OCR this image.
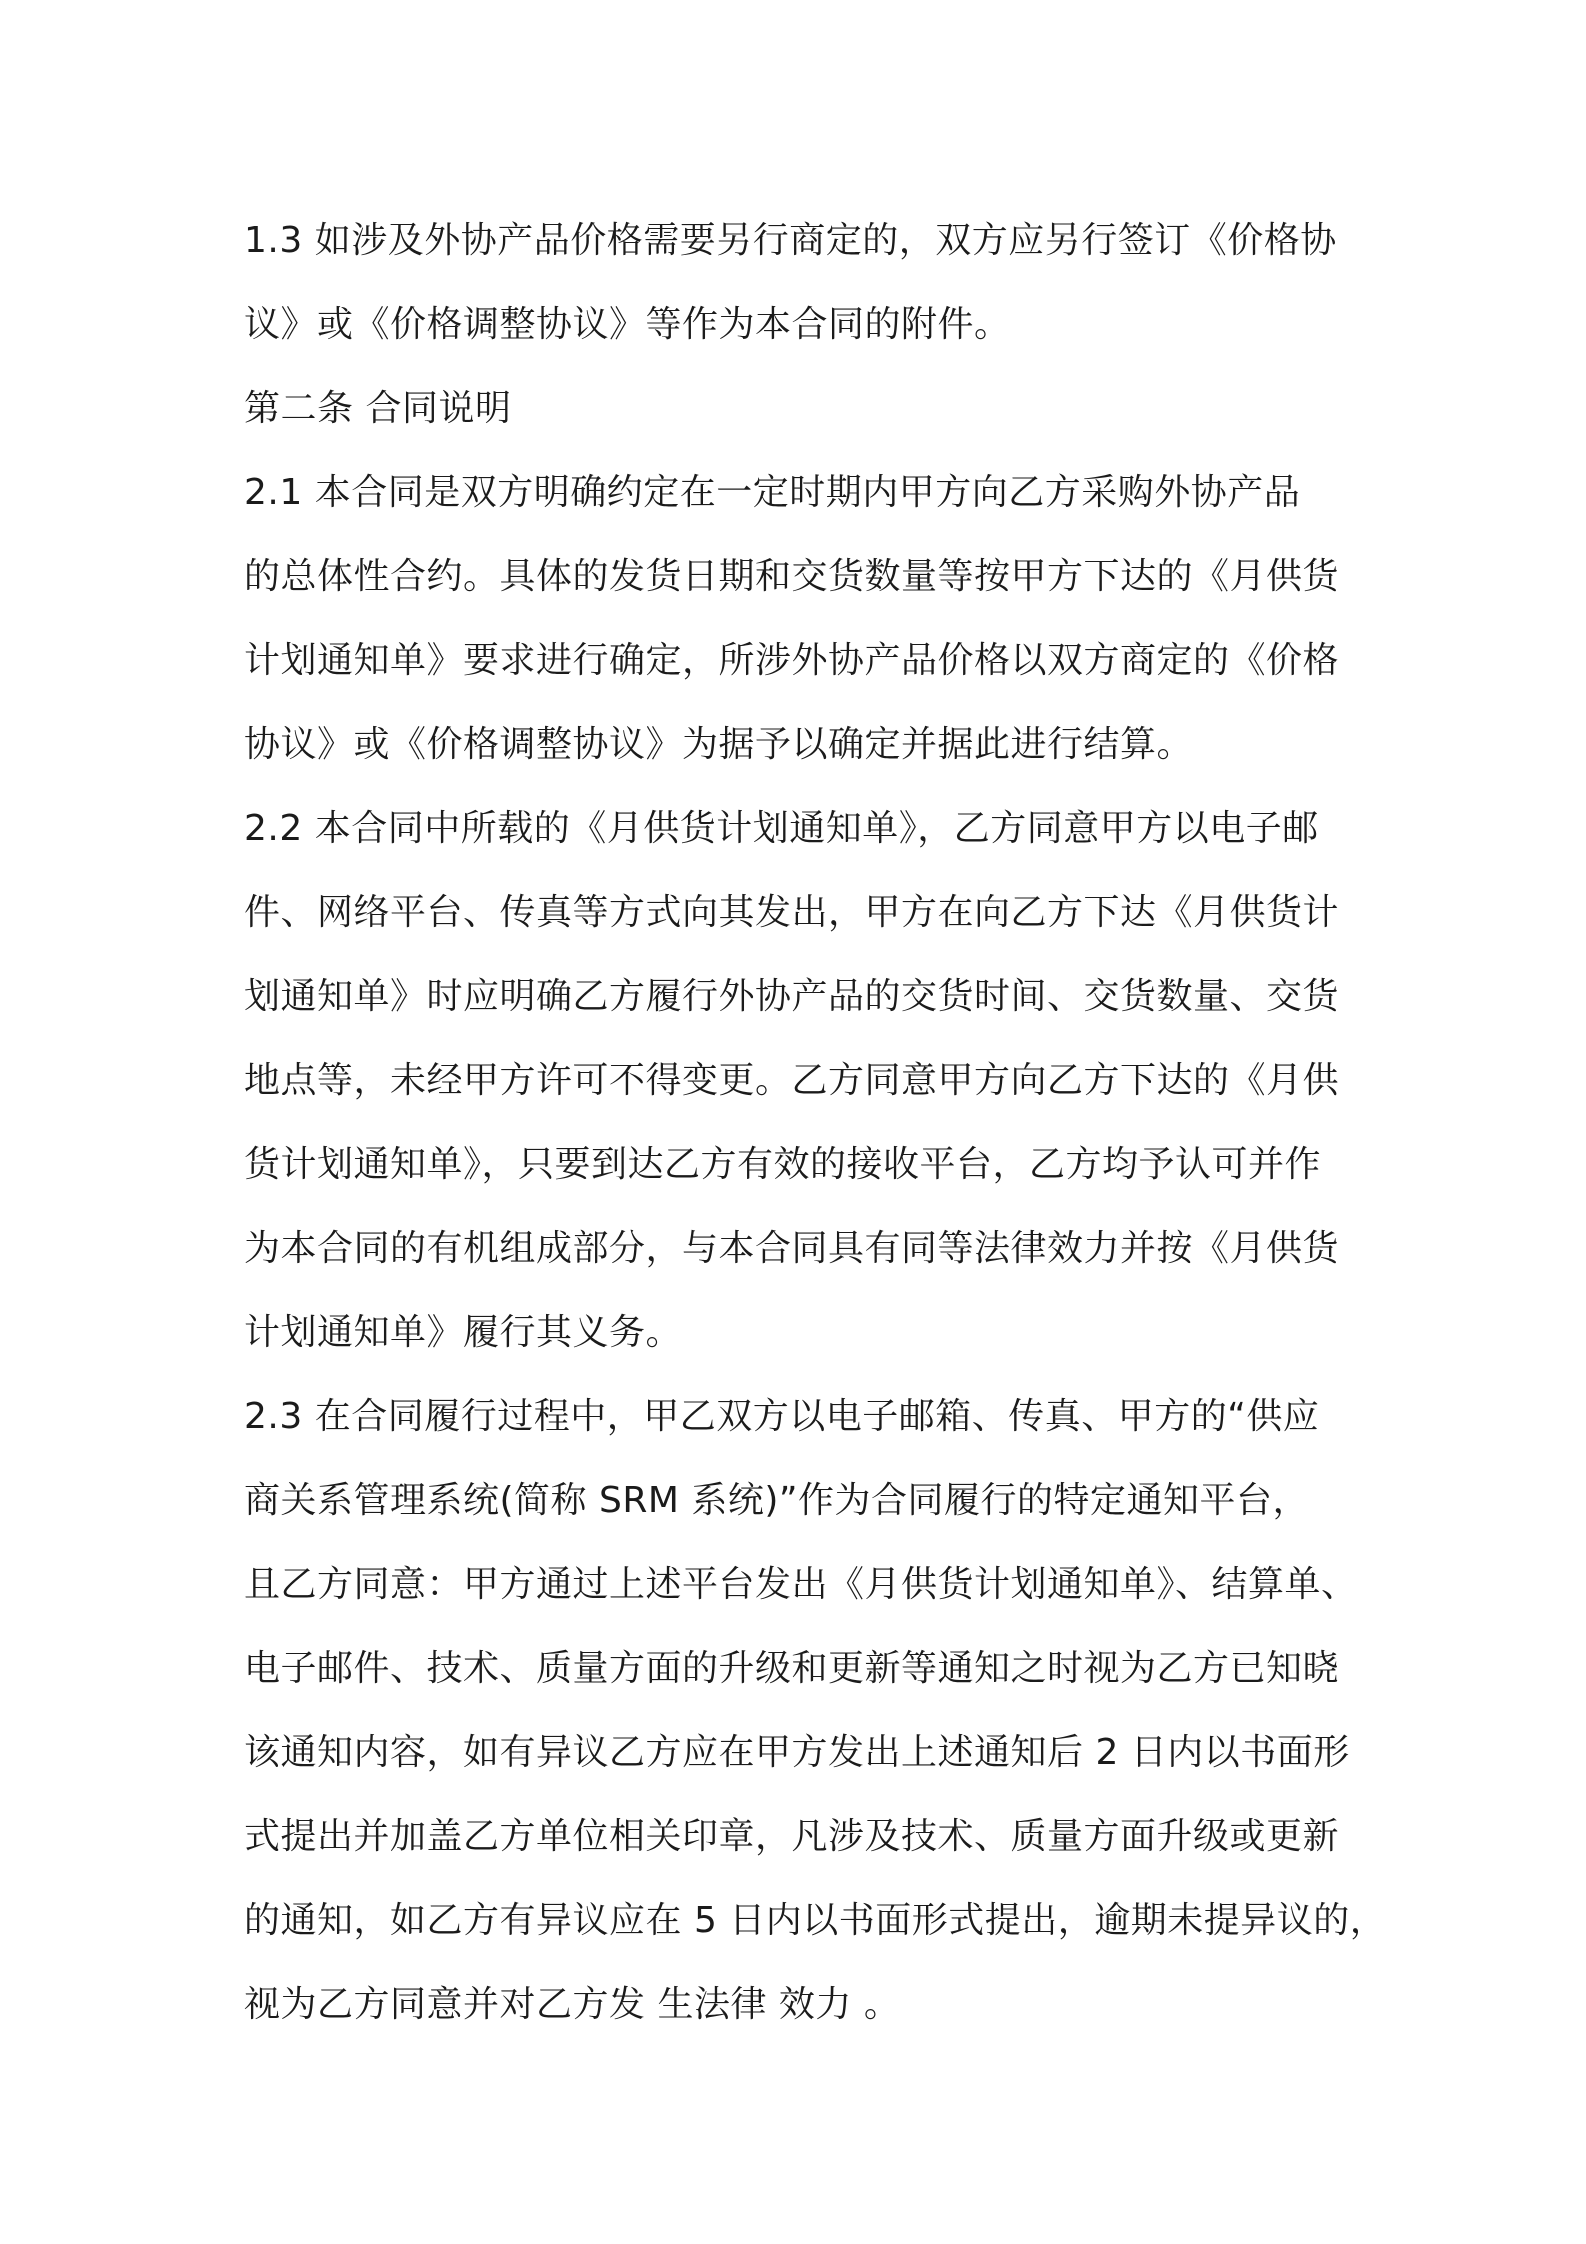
1.3 如涉及外协产品价格需要另行商定的，双方应另行签订《价格协
议》或《价格调整协议》等作为本合同的附件。
第二条 合同说明
2.1 本合同是双方明确约定在一定时期内甲方向乙方采购外协产品
的总体性合约。具体的发货日期和交货数量等按甲方下达的《月供货
计划通知单》要求进行确定，所涉外协产品价格以双方商定的《价格
协议》或《价格调整协议》为据予以确定并据此进行结算。
2.2 本合同中所载的《月供货计划通知单》，乙方同意甲方以电子邮
件、网络平台、传真等方式向其发出，甲方在向乙方下达《月供货计
划通知单》时应明确乙方履行外协产品的交货时间、交货数量、交货
地点等，未经甲方许可不得变更。乙方同意甲方向乙方下达的《月供
货计划通知单》，只要到达乙方有效的接收平台，乙方均予认可并作
为本合同的有机组成部分，与本合同具有同等法律效力并按《月供货
计划通知单》履行其义务。
2.3 在合同履行过程中，甲乙双方以电子邮箱、传真、甲方的“供应
商关系管理系统(简称 SRM 系统)”作为合同履行的特定通知平台，
且乙方同意：甲方通过上述平台发出《月供货计划通知单》、结算单、
电子邮件、技术、质量方面的升级和更新等通知之时视为乙方已知晓
该通知内容，如有异议乙方应在甲方发出上述通知后 2 日内以书面形
式提出并加盖乙方单位相关印章，凡涉及技术、质量方面升级或更新
的通知，如乙方有异议应在 5 日内以书面形式提出，逾期未提异议的，
视为乙方同意并对乙方发 生法律 效力 。
